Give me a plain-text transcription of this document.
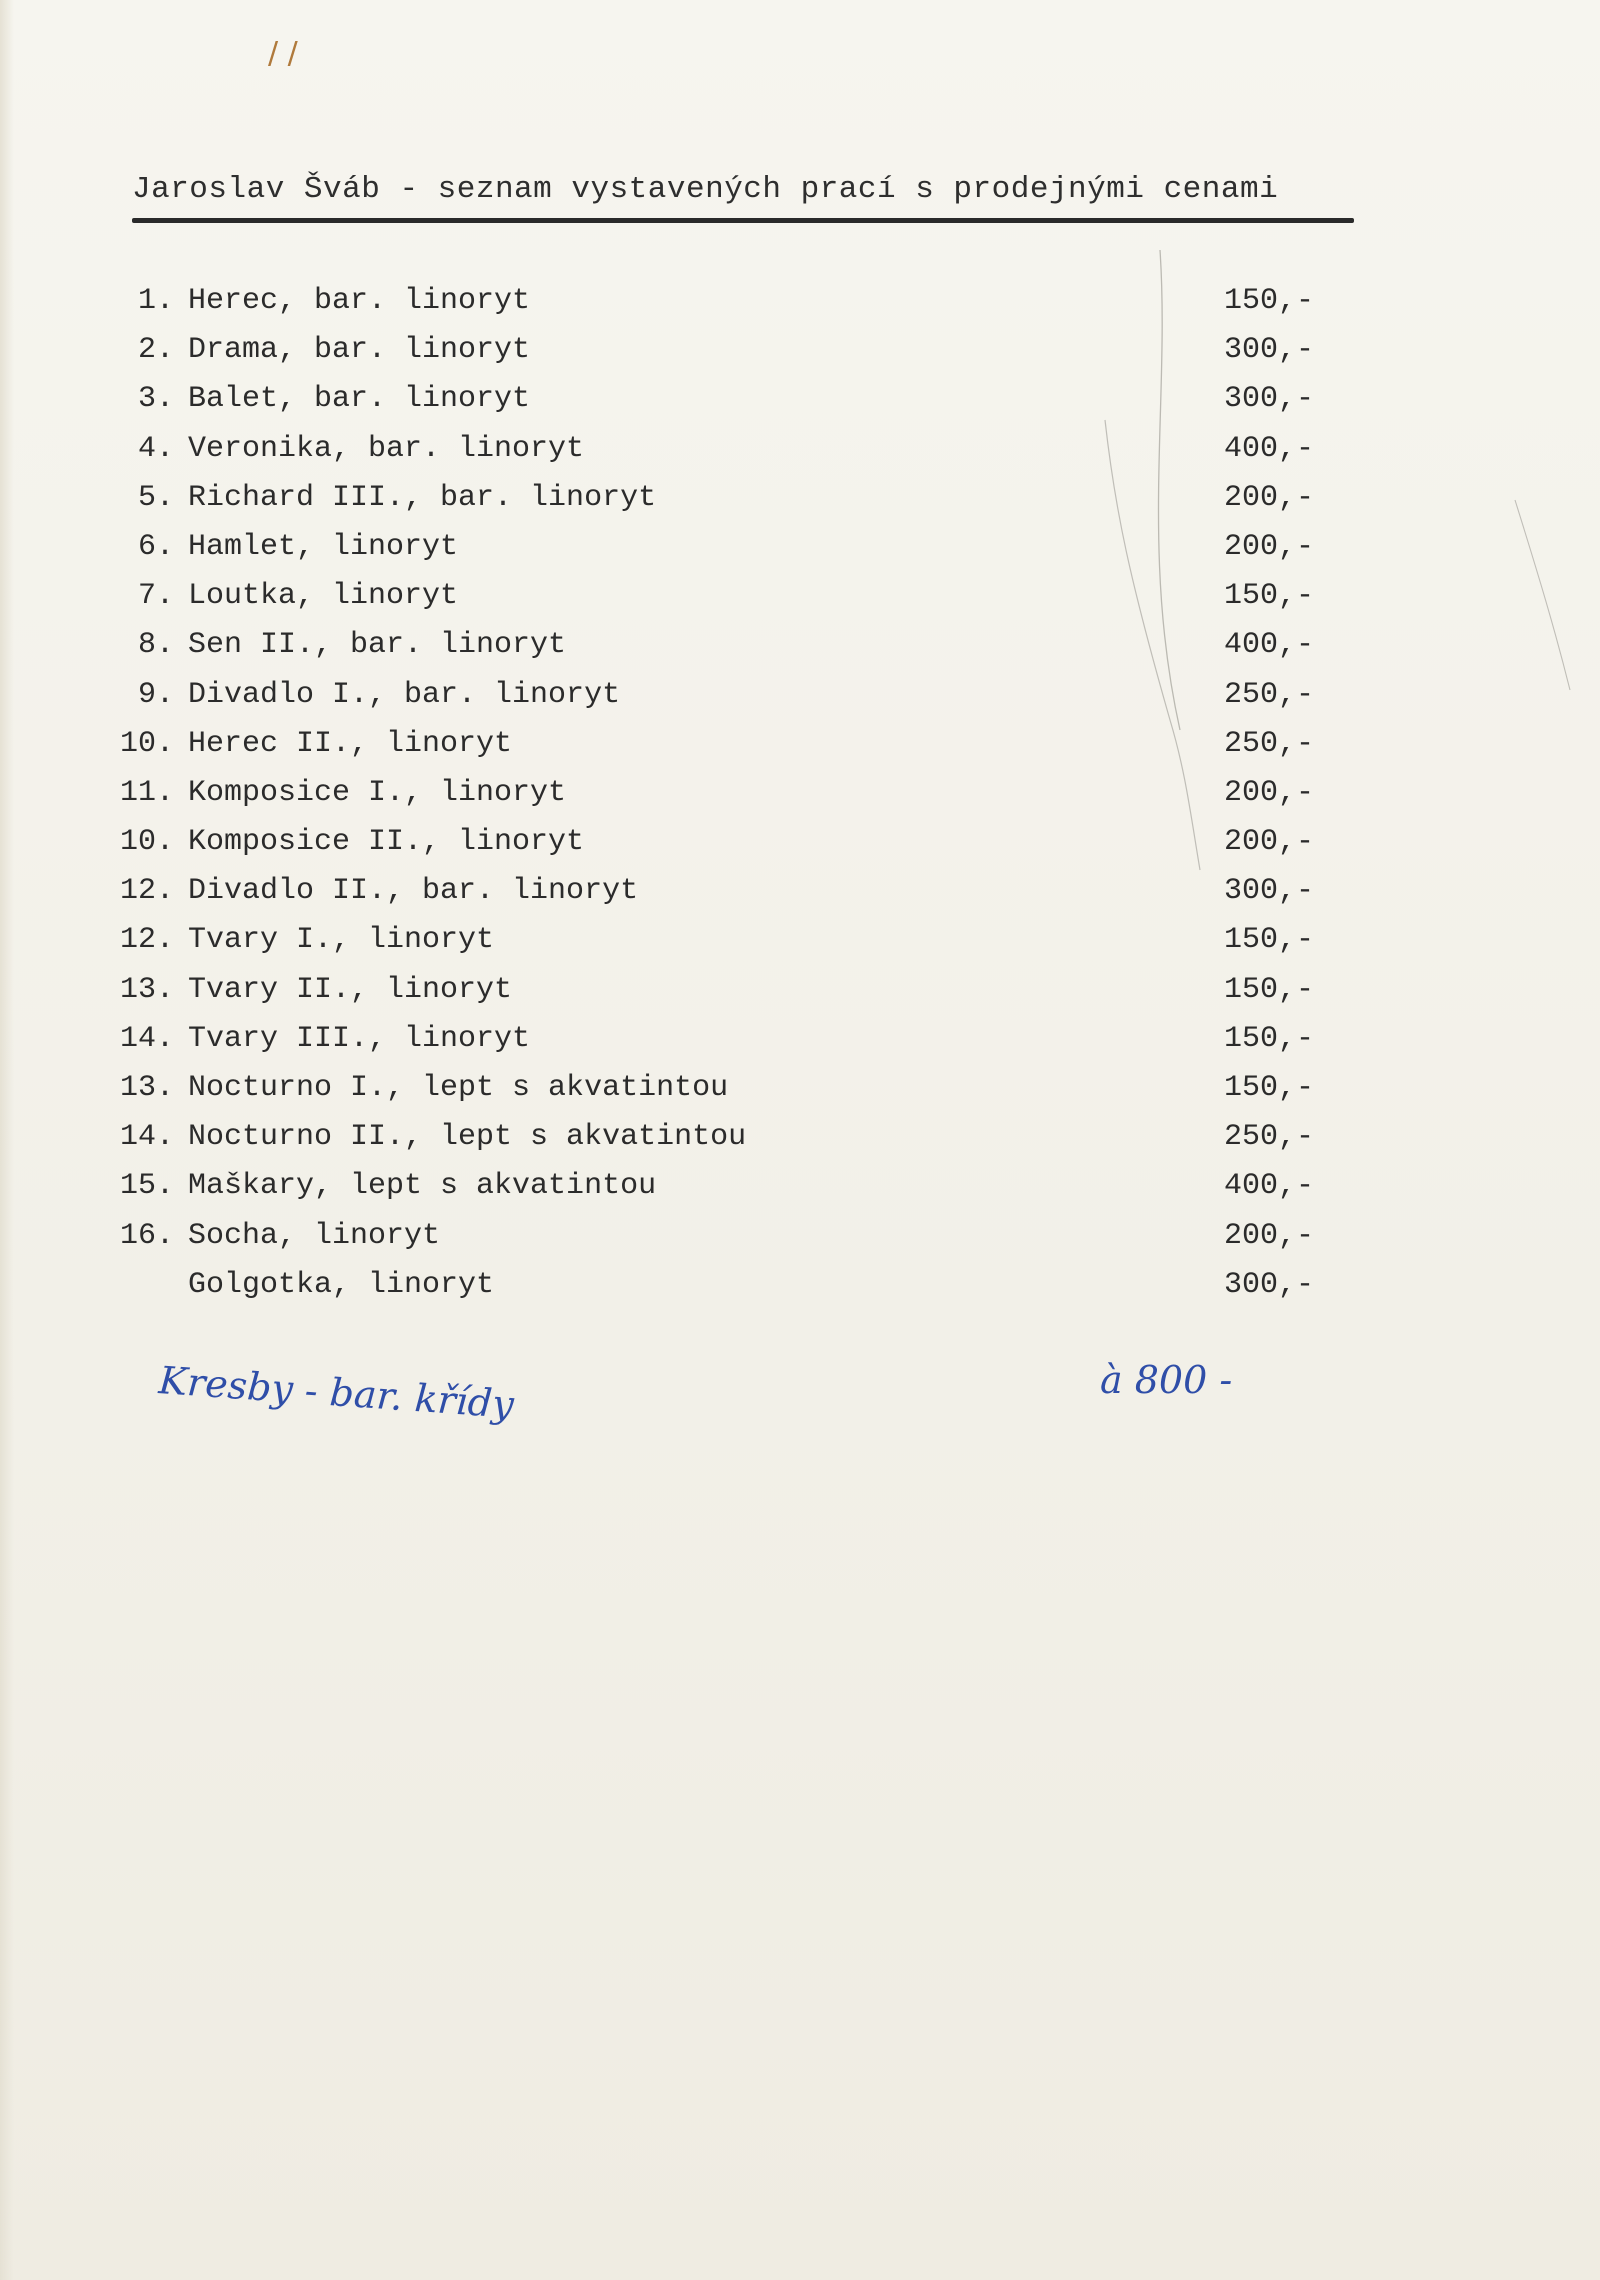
/ /
Jaroslav Šváb - seznam vystavených prací s prodejnými cenami
1. Herec, bar. linoryt	150,-
2. Drama, bar. linoryt	300,-
3. Balet, bar. linoryt	300,-
4. Veronika, bar. linoryt	400,-
5. Richard III., bar. linoryt	200,-
6. Hamlet, linoryt	200,-
7. Loutka, linoryt	150,-
8. Sen II., bar. linoryt	400,-
9. Divadlo I., bar. linoryt	250,-
10. Herec II., linoryt	250,-
11. Komposice I., linoryt	200,-
10. Komposice II., linoryt	200,-
12. Divadlo II., bar. linoryt	300,-
12. Tvary I., linoryt	150,-
13. Tvary II., linoryt	150,-
14. Tvary III., linoryt	150,-
13. Nocturno I., lept s akvatintou	150,-
14. Nocturno II., lept s akvatintou	250,-
15. Maškary, lept s akvatintou	400,-
16. Socha, linoryt	200,-
Golgotka, linoryt	300,-
Kresby - bar. křídy	à 800 -
